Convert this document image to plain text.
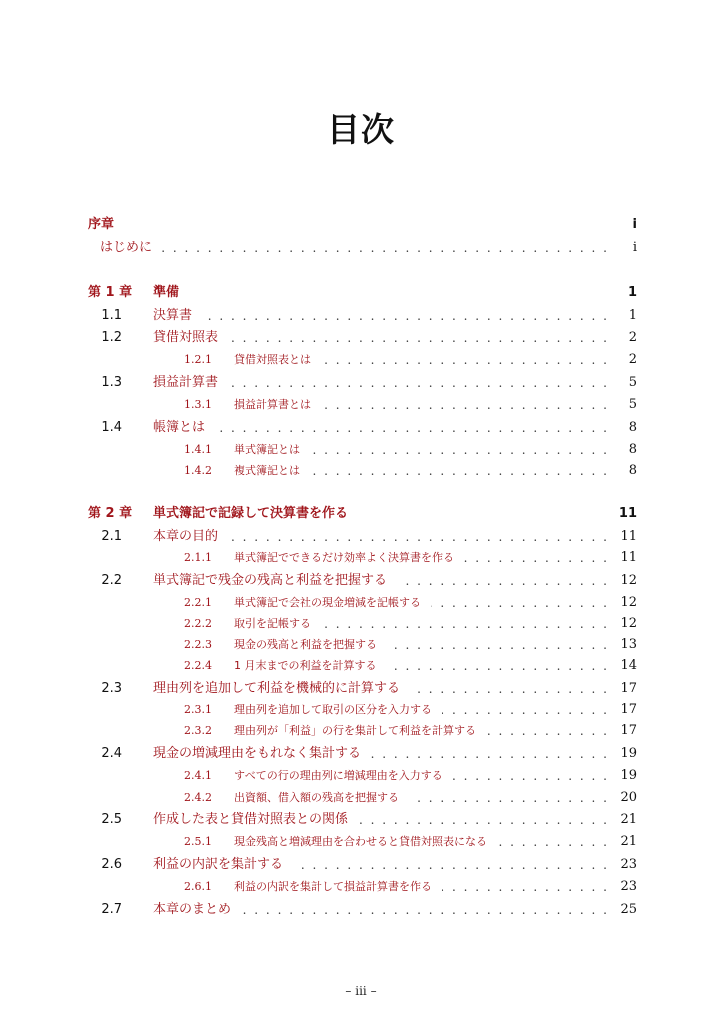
目次
序章	i
はじめに	i
. . .
第 1 章 準備	1
1.1 決算書	1
. . .
1.2 貸借対照表	2
. . .
1.2.1 貸借対照表とは	2
. . .
1.3 損益計算書	5
. . .
1.3.1 損益計算書とは	5
. . .
1.4 帳簿とは	8
. . .
1.4.1 単式簿記とは	8
. . .
1.4.2 複式簿記とは	8
. . .
第 2 章 単式簿記で記録して決算書を作る	11
2.1 本章の目的	11
. . .
2.1.1 単式簿記でできるだけ効率よく決算書を作る	11
. . .
2.2 単式簿記で残金の残高と利益を把握する	12
. . .
2.2.1 単式簿記で会社の現金増減を記帳する	12
. . .
2.2.2 取引を記帳する	12
. . .
2.2.3 現金の残高と利益を把握する	13
. . .
2.2.4 1 月末までの利益を計算する	14
. . .
2.3 理由列を追加して利益を機械的に計算する	17
. . .
2.3.1 理由列を追加して取引の区分を入力する	17
. . .
2.3.2 理由列が「利益」の行を集計して利益を計算する	17
. . .
2.4 現金の増減理由をもれなく集計する	19
. . .
2.4.1 すべての行の理由列に増減理由を入力する	19
. . .
2.4.2 出資額、借入額の残高を把握する	20
. . .
2.5 作成した表と貸借対照表との関係	21
. . .
2.5.1 現金残高と増減理由を合わせると貸借対照表になる	21
. . .
2.6 利益の内訳を集計する	23
. . .
2.6.1 利益の内訳を集計して損益計算書を作る	23
. . .
2.7 本章のまとめ	25
. . .
– iii –
